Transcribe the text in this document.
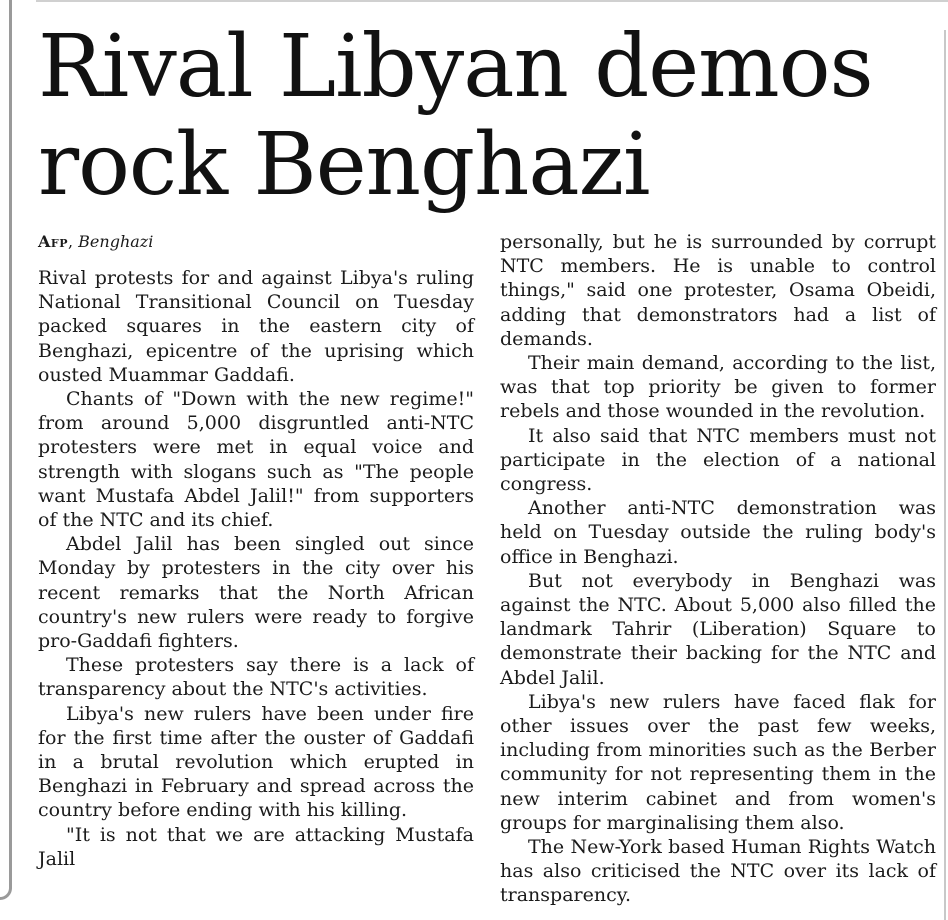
Rival Libyan demos rock Benghazi
Afp, Benghazi

Rival protests for and against Libya's ruling National Transitional Council on Tuesday packed squares in the eastern city of Benghazi, epicentre of the uprising which ousted Muammar Gaddafi.

Chants of "Down with the new regime!" from around 5,000 disgruntled anti-NTC protesters were met in equal voice and strength with slogans such as "The people want Mustafa Abdel Jalil!" from supporters of the NTC and its chief.

Abdel Jalil has been singled out since Monday by protesters in the city over his recent remarks that the North African country's new rulers were ready to forgive pro-Gaddafi fighters.

These protesters say there is a lack of transparency about the NTC's activities.

Libya's new rulers have been under fire for the first time after the ouster of Gaddafi in a brutal revolution which erupted in Benghazi in February and spread across the country before ending with his killing.

"It is not that we are attacking Mustafa Jalil

personally, but he is surrounded by corrupt NTC members. He is unable to control things," said one protester, Osama Obeidi, adding that demonstrators had a list of demands.

Their main demand, according to the list, was that top priority be given to former rebels and those wounded in the revolution.

It also said that NTC members must not participate in the election of a national congress.

Another anti-NTC demonstration was held on Tuesday outside the ruling body's office in Benghazi.

But not everybody in Benghazi was against the NTC. About 5,000 also filled the landmark Tahrir (Liberation) Square to demonstrate their backing for the NTC and Abdel Jalil.

Libya's new rulers have faced flak for other issues over the past few weeks, including from minorities such as the Berber community for not representing them in the new interim cabinet and from women's groups for marginalising them also.

The New-York based Human Rights Watch has also criticised the NTC over its lack of transparency.
